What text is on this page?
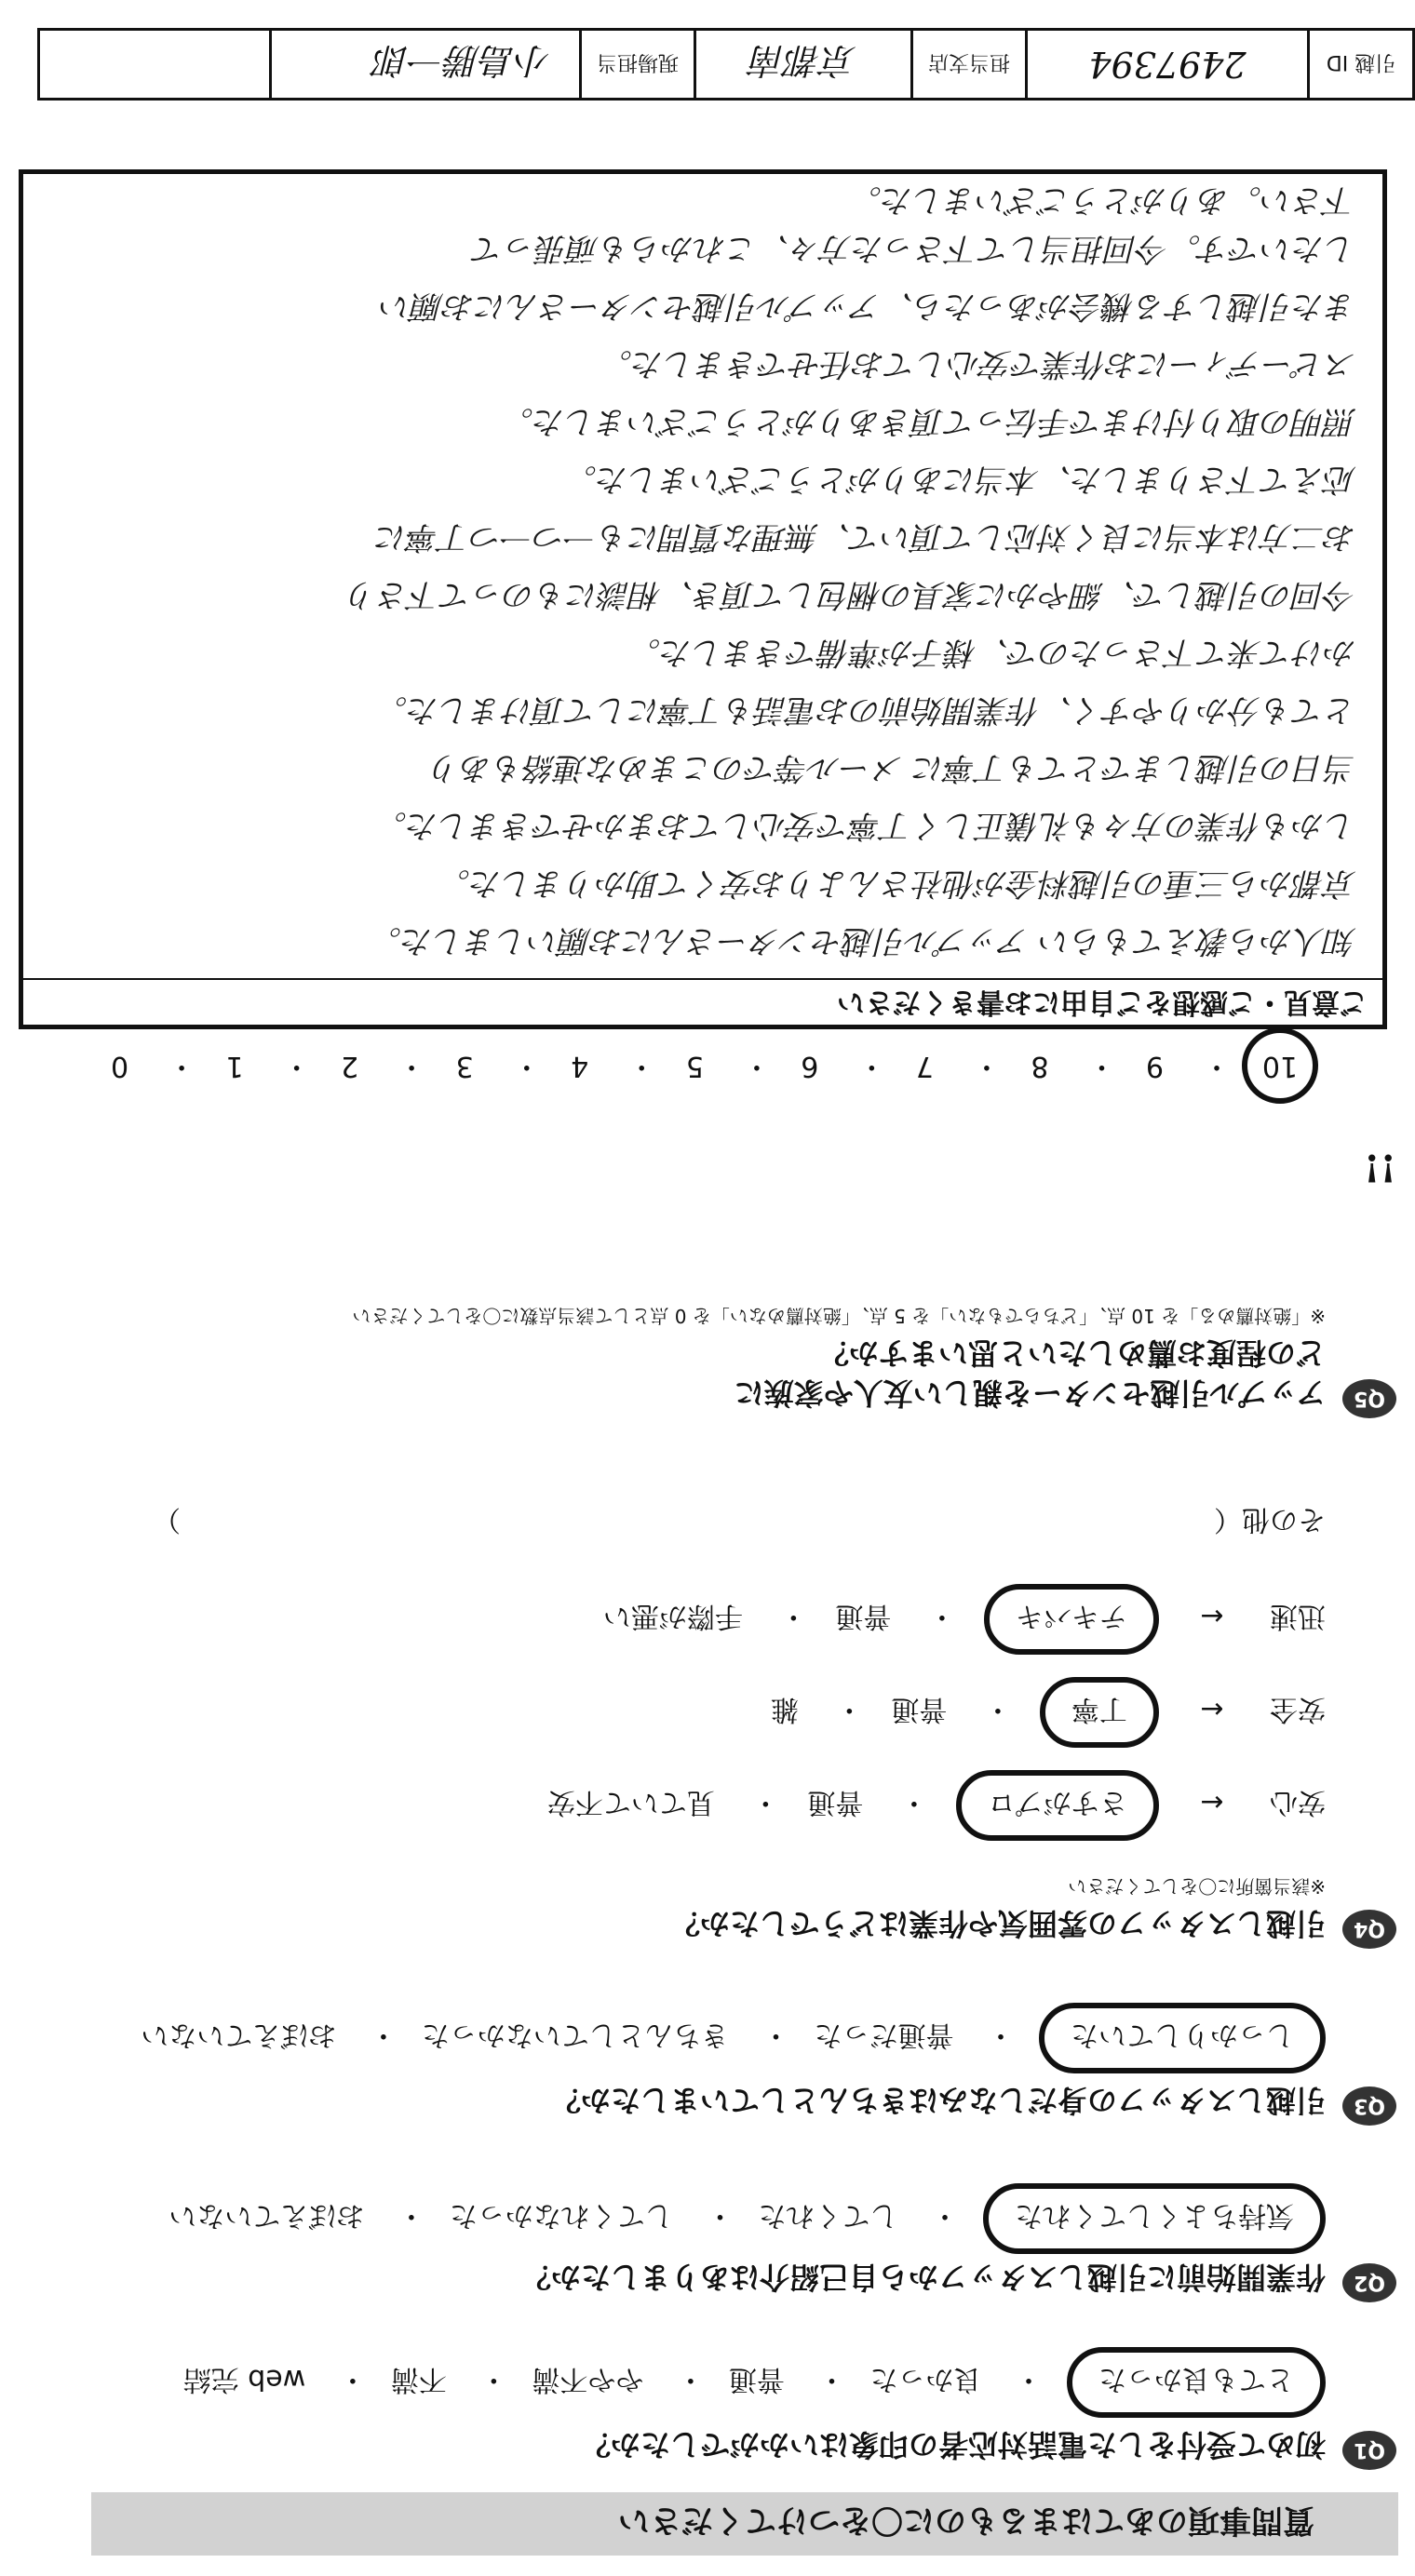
質問事項のあてはまるものに〇をつけてください
Q1
初めて受付をした電話対応者の印象はいかがでしたか？
とても良かった・ 良かった・ 普通・ やや不満・ 不満・ web 完結
Q2
作業開始前に引越しスタッフから自己紹介はありましたか？
気持ちよくしてくれた・ してくれた・ してくれなかった・ おぼえていない
Q3
引越しスタッフの身だしなみはきちんとしていましたか？
しっかりしていた・ 普通だった・ きちんとしていなかった・ おぼえていない
Q4
引越しスタッフの雰囲気や作業はどうでしたか？
※該当箇所に〇をしてください
安心 ← さすがプロ・ 普通・ 見ていて不安
安全 ← 丁寧・ 普通・ 雑
迅速 ← テキパキ・ 普通・ 手際が悪い
その他（　　　　　　　　　　　　　　　　　　　　　　　　　　　　　　　　　　　　　）
Q5
アップル引越センターを親しい友人や家族に
どの程度お薦めしたいと思いますか？
※「絶対薦める」を 10 点、「どちらでもない」を 5 点、「絶対薦めない」を 0 点として該当点数に〇をしてください
!!
10・ 9・ 8・ 7・ 6・ 5・ 4・ 3・ 2・ 1・ 0
ご意見・ご感想をご自由にお書きください
知人から教えてもらい アップル引越センターさんにお願いしました。
京都から三重の引越料金が他社さんよりお安くて助かりました。
しかも作業の方々も礼儀正しく丁寧で安心しておまかせできました。
当日の引越しまでとても丁寧に メール等でのこまめな連絡もあり
とても分かりやすく、作業開始前のお電話も丁寧にして頂けました。
かけて来て下さったので、様子が準備できました。
今回の引越しで、細やかに家具の梱包して頂き、相談にものって下さり
お二方は本当に良く対応して頂いて、無理な質問にも一つ一つ丁寧に
応えて下さりました、本当にありがとうございました。
照明の取り付けまで手伝って頂きありがとうございました。
スピーディーにお作業で安心してお任せできました。
また引越しする機会があったら、アップル引越センターさんにお願い
したいです。今回担当して下さった方々、これからも頑張って
下さい。ありがとうございました。
引越 ID
2497394
担当支店
京都南
現場担当
小島勝一郎
